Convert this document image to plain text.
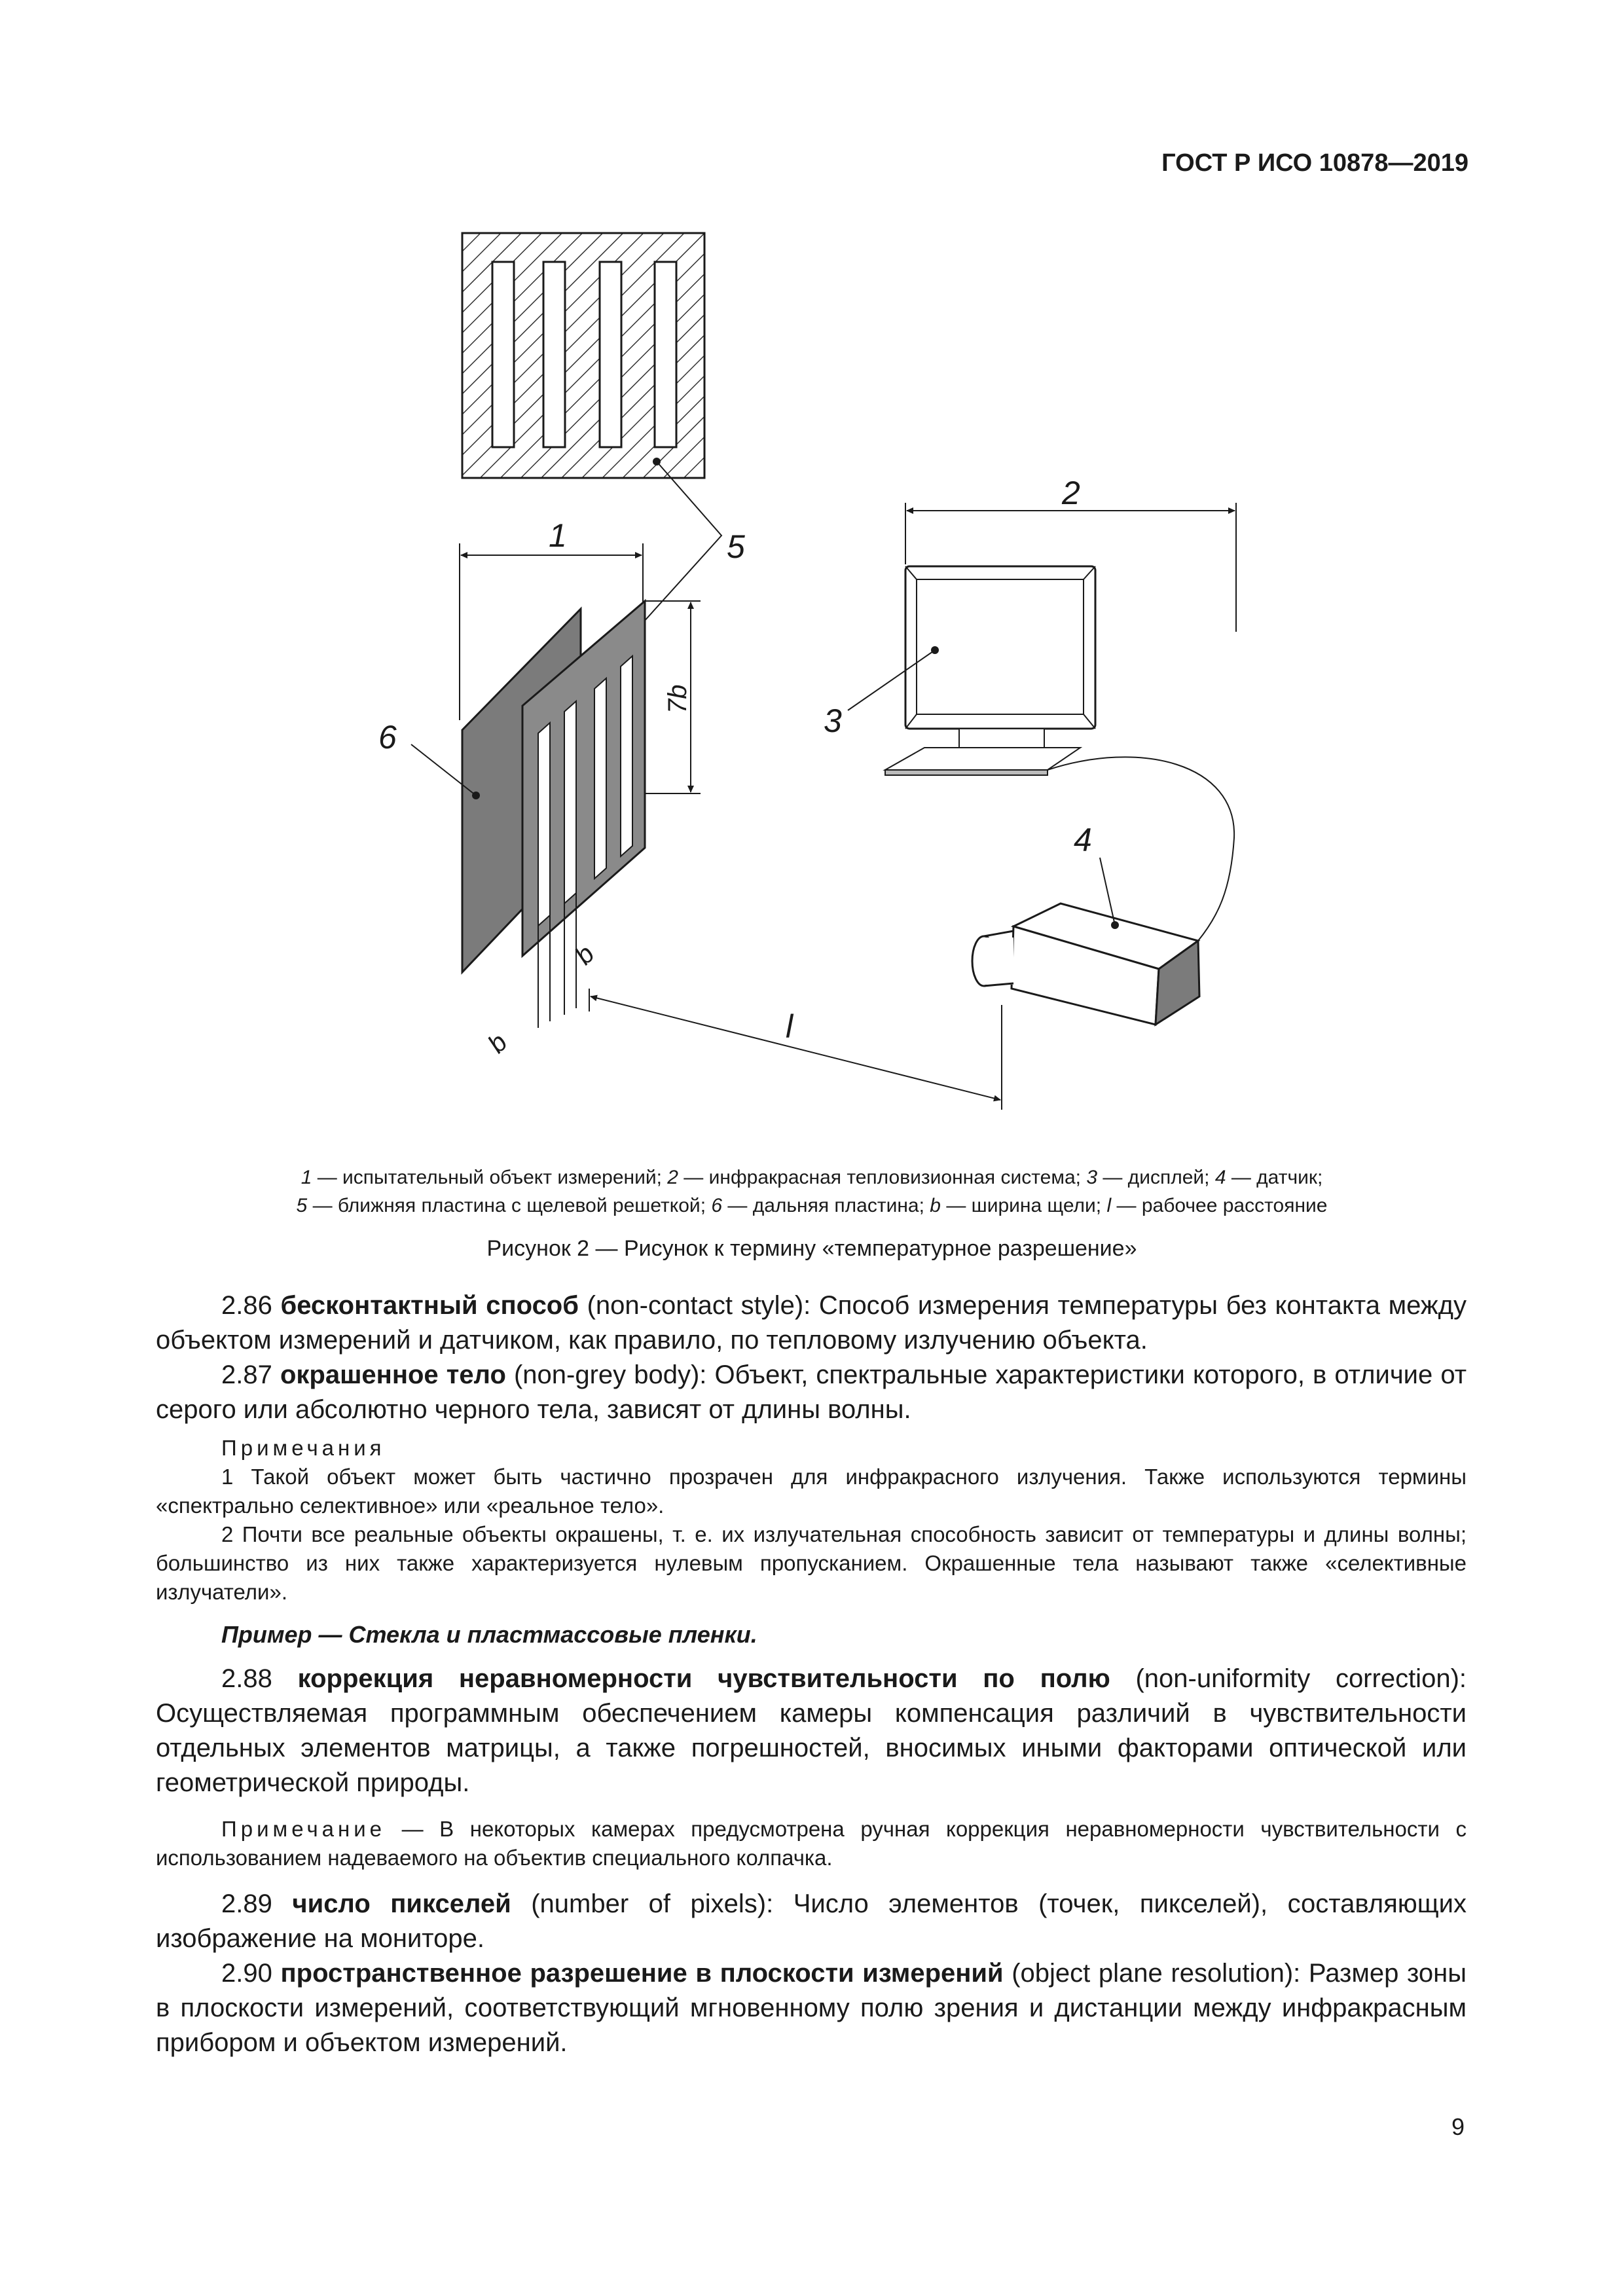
ГОСТ Р ИСО 10878—2019
5
1
6
7b
b
b
l
2
3
4
1 — испытательный объект измерений; 2 — инфракрасная тепловизионная система; 3 — дисплей; 4 — датчик;
5 — ближняя пластина с щелевой решеткой; 6 — дальняя пластина; b — ширина щели; l — рабочее расстояние
Рисунок 2 — Рисунок к термину «температурное разрешение»

2.86 бесконтактный способ (non-contact style): Способ измерения температуры без контакта между объектом измерений и датчиком, как правило, по тепловому излучению объекта.

2.87 окрашенное тело (non-grey body): Объект, спектральные характеристики которого, в отличие от серого или абсолютно черного тела, зависят от длины волны.

Примечания

1 Такой объект может быть частично прозрачен для инфракрасного излучения. Также используются термины «спектрально селективное» или «реальное тело».

2 Почти все реальные объекты окрашены, т. е. их излучательная способность зависит от температуры и длины волны; большинство из них также характеризуется нулевым пропусканием. Окрашенные тела называют также «селективные излучатели».

Пример — Стекла и пластмассовые пленки.

2.88 коррекция неравномерности чувствительности по полю (non-uniformity correction): Осуществляемая программным обеспечением камеры компенсация различий в чувствительности отдельных элементов матрицы, а также погрешностей, вносимых иными факторами оптической или геометрической природы.

Примечание — В некоторых камерах предусмотрена ручная коррекция неравномерности чувствительности с использованием надеваемого на объектив специального колпачка.

2.89 число пикселей (number of pixels): Число элементов (точек, пикселей), составляющих изображение на мониторе.

2.90 пространственное разрешение в плоскости измерений (object plane resolution): Размер зоны в плоскости измерений, соответствующий мгновенному полю зрения и дистанции между инфракрасным прибором и объектом измерений.

9
